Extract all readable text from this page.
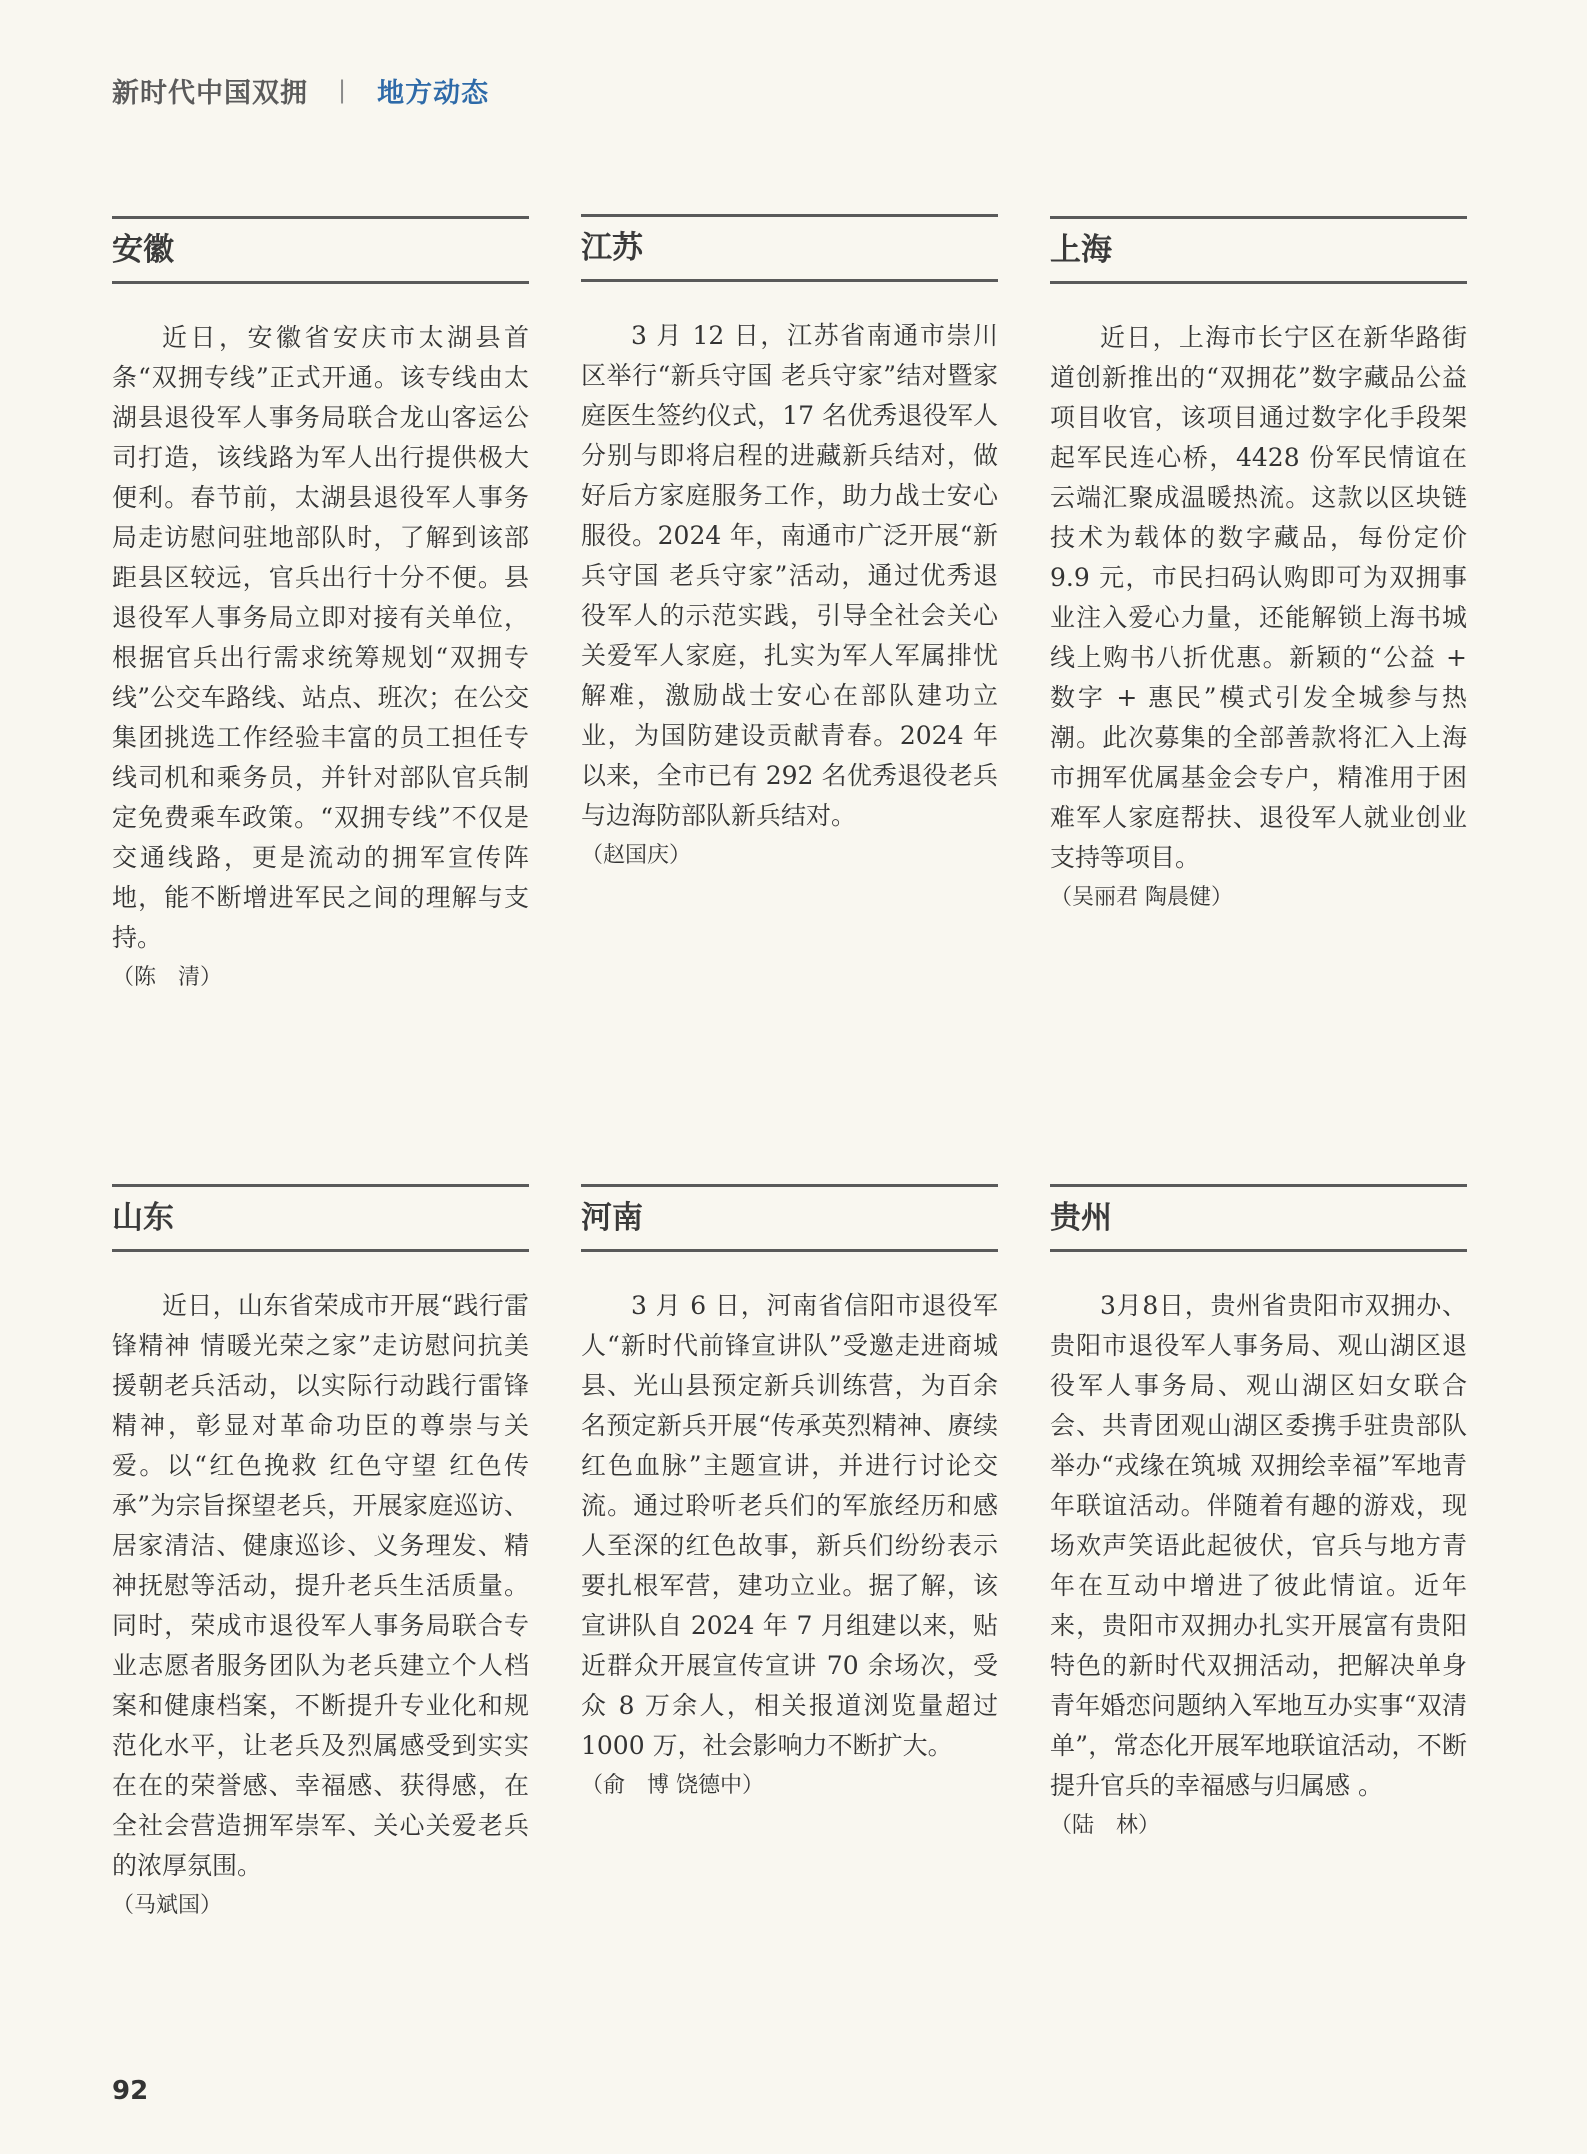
新时代中国双拥 | 地方动态
安徽

近日，安徽省安庆市太湖县首条“双拥专线”正式开通。该专线由太湖县退役军人事务局联合龙山客运公司打造，该线路为军人出行提供极大便利。春节前，太湖县退役军人事务局走访慰问驻地部队时，了解到该部距县区较远，官兵出行十分不便。县退役军人事务局立即对接有关单位，根据官兵出行需求统筹规划“双拥专线”公交车路线、站点、班次；在公交集团挑选工作经验丰富的员工担任专线司机和乘务员，并针对部队官兵制定免费乘车政策。“双拥专线”不仅是交通线路，更是流动的拥军宣传阵地，能不断增进军民之间的理解与支持。

（陈　清）

江苏

3 月 12 日，江苏省南通市崇川区举行“新兵守国 老兵守家”结对暨家庭医生签约仪式，17 名优秀退役军人分别与即将启程的进藏新兵结对，做好后方家庭服务工作，助力战士安心服役。2024 年，南通市广泛开展“新兵守国 老兵守家”活动，通过优秀退役军人的示范实践，引导全社会关心关爱军人家庭，扎实为军人军属排忧解难，激励战士安心在部队建功立业，为国防建设贡献青春。2024 年以来，全市已有 292 名优秀退役老兵与边海防部队新兵结对。

（赵国庆）

上海

近日，上海市长宁区在新华路街道创新推出的“双拥花”数字藏品公益项目收官，该项目通过数字化手段架起军民连心桥，4428 份军民情谊在云端汇聚成温暖热流。这款以区块链技术为载体的数字藏品，每份定价 9.9 元，市民扫码认购即可为双拥事业注入爱心力量，还能解锁上海书城线上购书八折优惠。新颖的“公益 + 数字 + 惠民”模式引发全城参与热潮。此次募集的全部善款将汇入上海市拥军优属基金会专户，精准用于困难军人家庭帮扶、退役军人就业创业支持等项目。

（吴丽君 陶晨健）

山东

近日，山东省荣成市开展“践行雷锋精神 情暖光荣之家”走访慰问抗美援朝老兵活动，以实际行动践行雷锋精神，彰显对革命功臣的尊崇与关爱。以“红色挽救 红色守望 红色传承”为宗旨探望老兵，开展家庭巡访、居家清洁、健康巡诊、义务理发、精神抚慰等活动，提升老兵生活质量。同时，荣成市退役军人事务局联合专业志愿者服务团队为老兵建立个人档案和健康档案，不断提升专业化和规范化水平，让老兵及烈属感受到实实在在的荣誉感、幸福感、获得感，在全社会营造拥军崇军、关心关爱老兵的浓厚氛围。

（马斌国）

河南

3 月 6 日，河南省信阳市退役军人“新时代前锋宣讲队”受邀走进商城县、光山县预定新兵训练营，为百余名预定新兵开展“传承英烈精神、赓续红色血脉”主题宣讲，并进行讨论交流。通过聆听老兵们的军旅经历和感人至深的红色故事，新兵们纷纷表示要扎根军营，建功立业。据了解，该宣讲队自 2024 年 7 月组建以来，贴近群众开展宣传宣讲 70 余场次，受众 8 万余人，相关报道浏览量超过 1000 万，社会影响力不断扩大。

（俞　博 饶德中）

贵州

3月8日，贵州省贵阳市双拥办、贵阳市退役军人事务局、观山湖区退役军人事务局、观山湖区妇女联合会、共青团观山湖区委携手驻贵部队举办“戎缘在筑城 双拥绘幸福”军地青年联谊活动。伴随着有趣的游戏，现场欢声笑语此起彼伏，官兵与地方青年在互动中增进了彼此情谊。近年来，贵阳市双拥办扎实开展富有贵阳特色的新时代双拥活动，把解决单身青年婚恋问题纳入军地互办实事“双清单”，常态化开展军地联谊活动，不断提升官兵的幸福感与归属感 。

（陆　林）

92
